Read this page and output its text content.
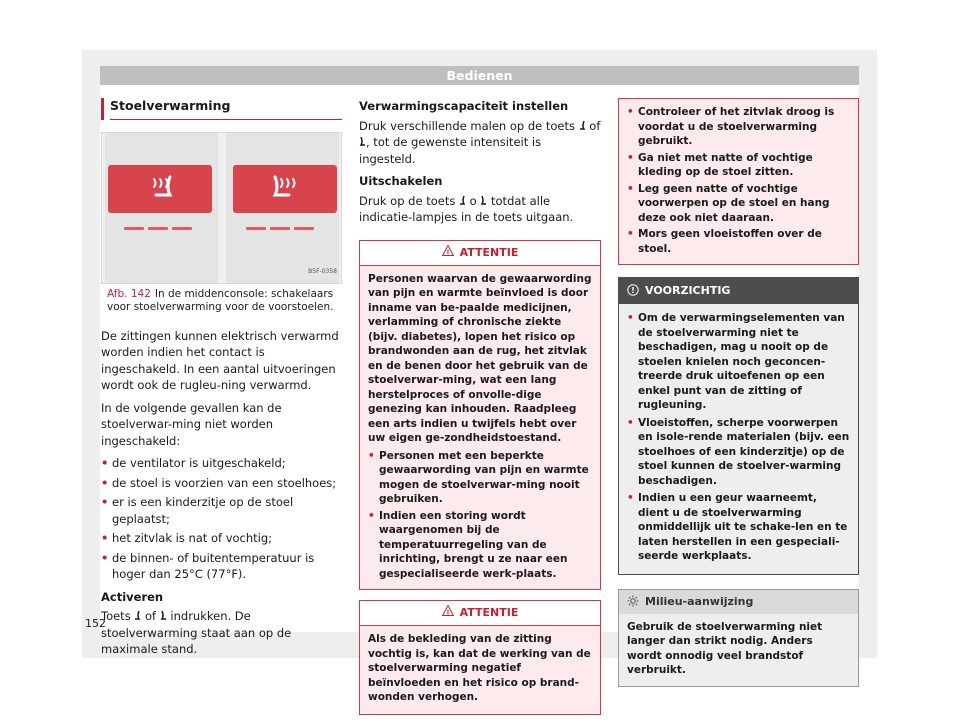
Bedienen
Stoelverwarming
B5F-0358
Afb. 142 In de middenconsole: schakelaars voor stoelverwarming voor de voorstoelen.

De zittingen kunnen elektrisch verwarmd worden indien het contact is ingeschakeld. In een aantal uitvoeringen wordt ook de rugleu-ning verwarmd.

In de volgende gevallen kan de stoelverwar-ming niet worden ingeschakeld:

• de ventilator is uitgeschakeld;
• de stoel is voorzien van een stoelhoes;
• er is een kinderzitje op de stoel geplaatst;
• het zitvlak is nat of vochtig;
• de binnen- of buitentemperatuur is hoger dan 25°C (77°F).
Activeren

Toets of indrukken. De stoelverwarming staat aan op de maximale stand.

Verwarmingscapaciteit instellen

Druk verschillende malen op de toets of , tot de gewenste intensiteit is ingesteld.

Uitschakelen

Druk op de toets o totdat alle indicatie-lampjes in de toets uitgaan.

! ATTENTIE

Personen waarvan de gewaarwording van pijn en warmte beïnvloed is door inname van be-paalde medicijnen, verlamming of chronische ziekte (bijv. diabetes), lopen het risico op brandwonden aan de rug, het zitvlak en de benen door het gebruik van de stoelverwar-ming, wat een lang herstelproces of onvolle-dige genezing kan inhouden. Raadpleeg een arts indien u twijfels hebt over uw eigen ge-zondheidstoestand.

• Personen met een beperkte gewaarwording van pijn en warmte mogen de stoelverwar-ming nooit gebruiken.
• Indien een storing wordt waargenomen bij de temperatuurregeling van de inrichting, brengt u ze naar een gespecialiseerde werk-plaats.
! ATTENTIE

Als de bekleding van de zitting vochtig is, kan dat de werking van de stoelverwarming negatief beïnvloeden en het risico op brand-wonden verhogen.

• Controleer of het zitvlak droog is voordat u de stoelverwarming gebruikt.
• Ga niet met natte of vochtige kleding op de stoel zitten.
• Leg geen natte of vochtige voorwerpen op de stoel en hang deze ook niet daaraan.
• Mors geen vloeistoffen over de stoel.
! VOORZICHTIG
• Om de verwarmingselementen van de stoelverwarming niet te beschadigen, mag u nooit op de stoelen knielen noch geconcen-treerde druk uitoefenen op een enkel punt van de zitting of rugleuning.
• Vloeistoffen, scherpe voorwerpen en isole-rende materialen (bijv. een stoelhoes of een kinderzitje) op de stoel kunnen de stoelver-warming beschadigen.
• Indien u een geur waarneemt, dient u de stoelverwarming onmiddellijk uit te schake-len en te laten herstellen in een gespeciali-seerde werkplaats.
Milieu-aanwijzing

Gebruik de stoelverwarming niet langer dan strikt nodig. Anders wordt onnodig veel brandstof verbruikt.

152
